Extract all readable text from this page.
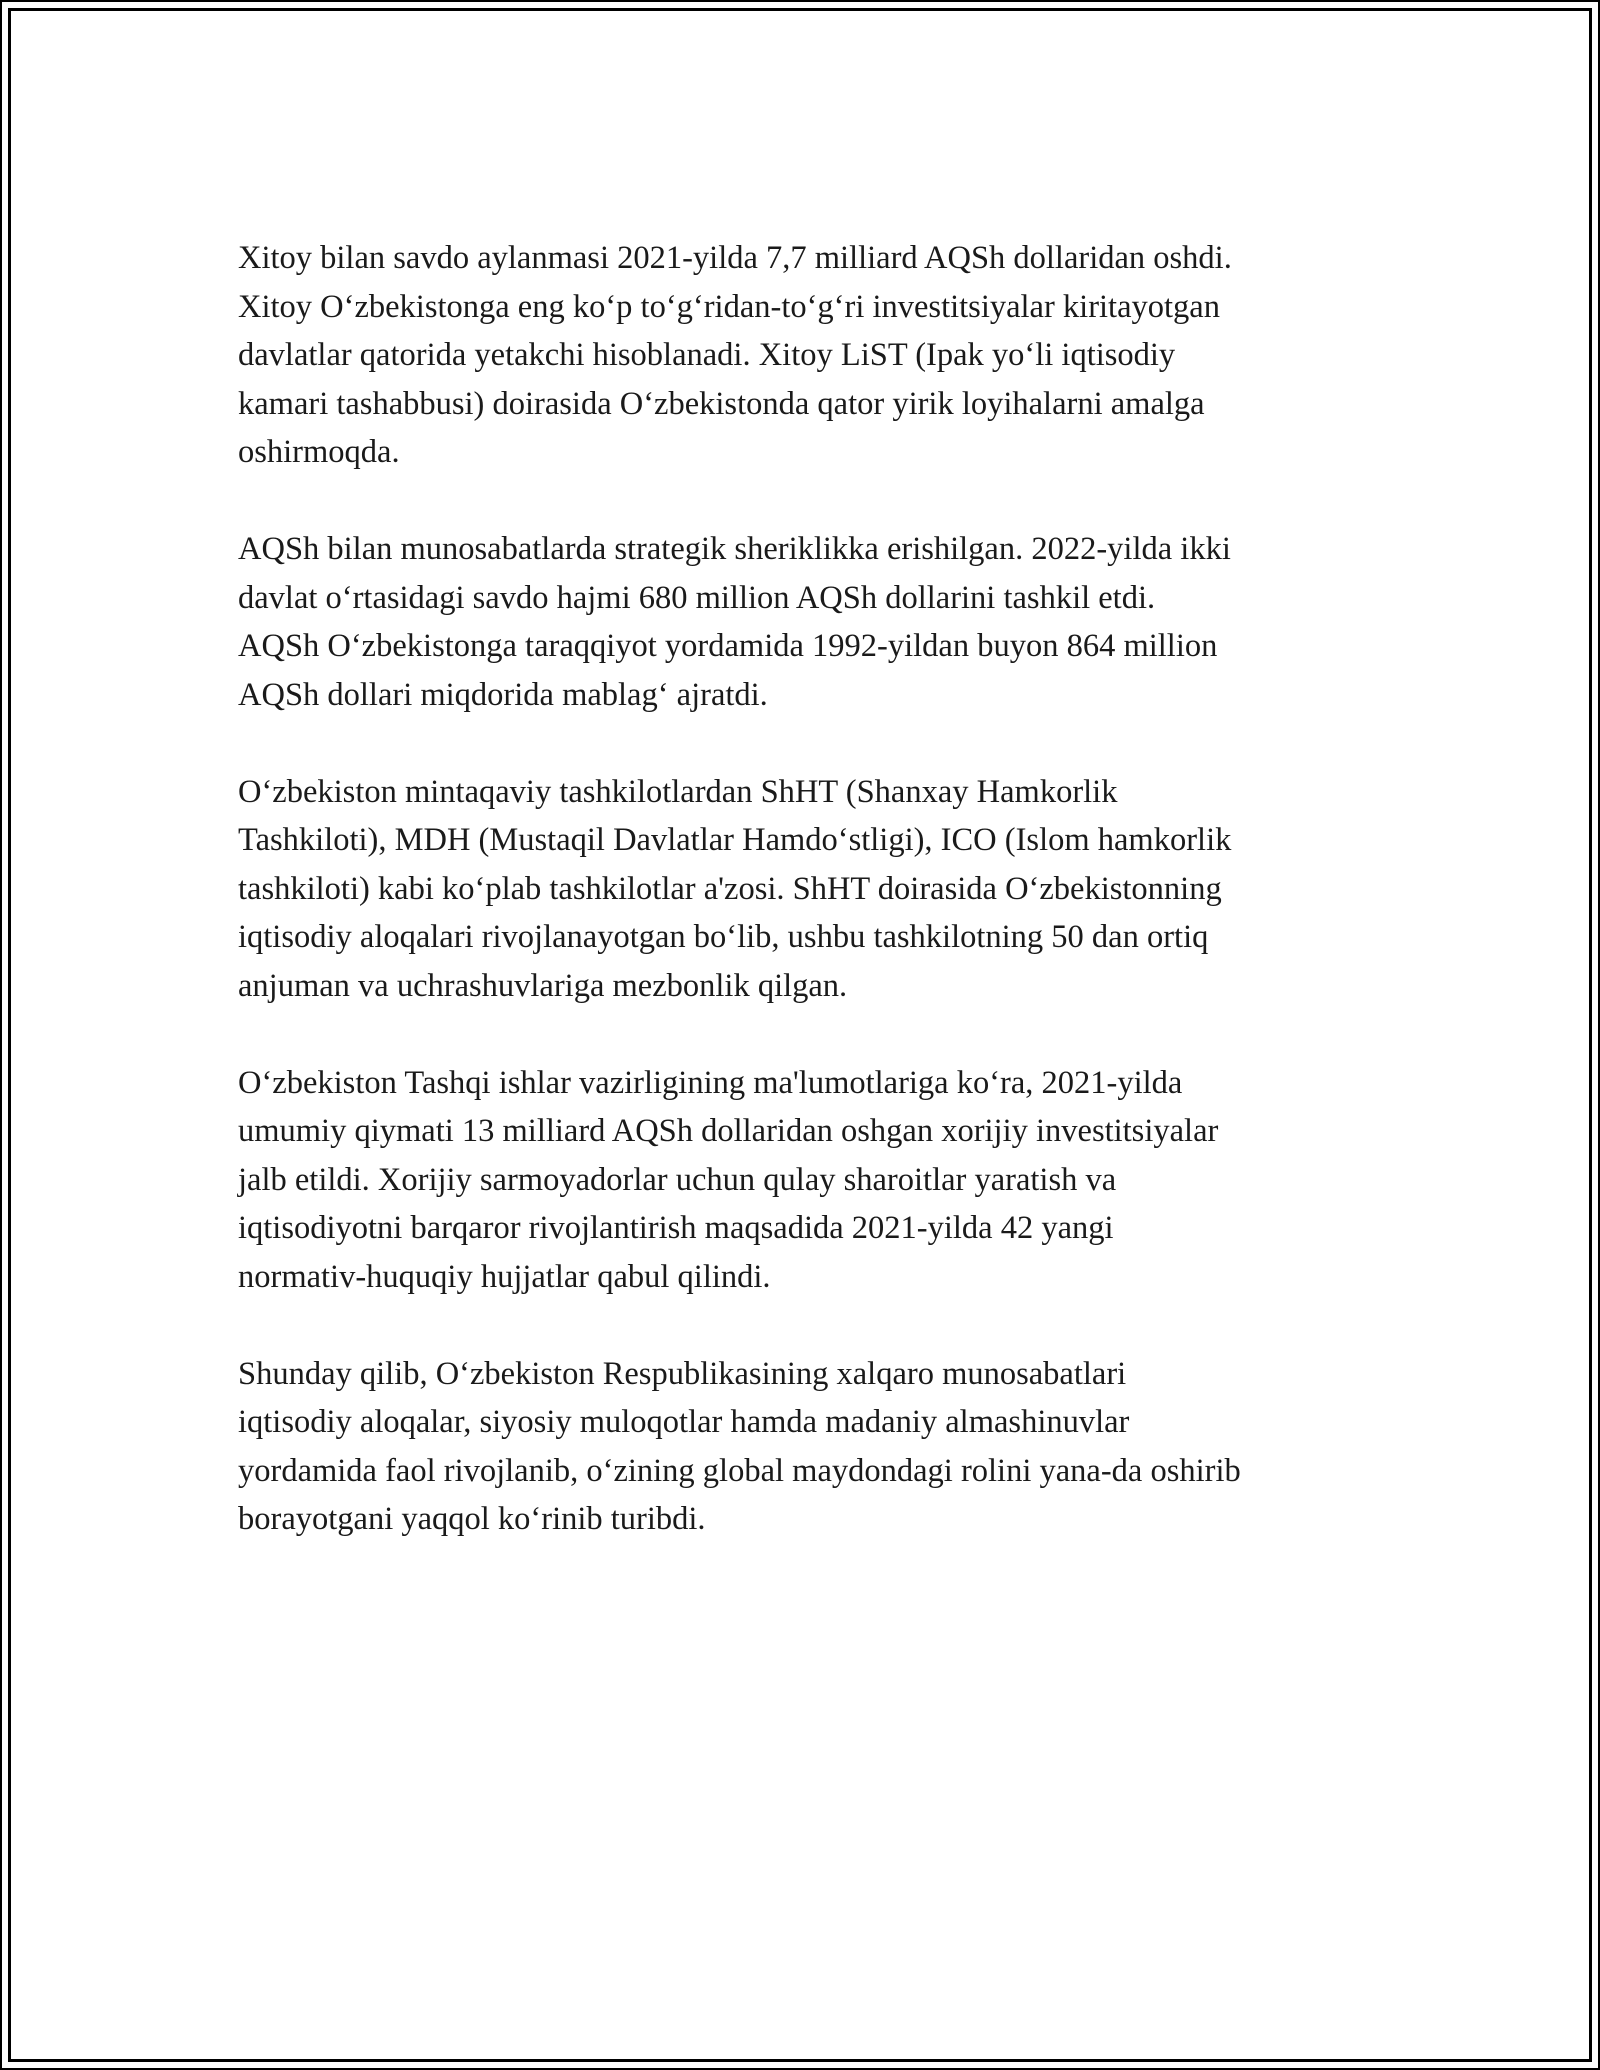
Xitoy bilan savdo aylanmasi 2021-yilda 7,7 milliard AQSh dollaridan oshdi.
Xitoy O‘zbekistonga eng ko‘p to‘g‘ridan-to‘g‘ri investitsiyalar kiritayotgan
davlatlar qatorida yetakchi hisoblanadi. Xitoy LiST (Ipak yo‘li iqtisodiy
kamari tashabbusi) doirasida O‘zbekistonda qator yirik loyihalarni amalga
oshirmoqda.

AQSh bilan munosabatlarda strategik sheriklikka erishilgan. 2022-yilda ikki
davlat o‘rtasidagi savdo hajmi 680 million AQSh dollarini tashkil etdi.
AQSh O‘zbekistonga taraqqiyot yordamida 1992-yildan buyon 864 million
AQSh dollari miqdorida mablag‘ ajratdi.

O‘zbekiston mintaqaviy tashkilotlardan ShHT (Shanxay Hamkorlik
Tashkiloti), MDH (Mustaqil Davlatlar Hamdo‘stligi), ICO (Islom hamkorlik
tashkiloti) kabi ko‘plab tashkilotlar a'zosi. ShHT doirasida O‘zbekistonning
iqtisodiy aloqalari rivojlanayotgan bo‘lib, ushbu tashkilotning 50 dan ortiq
anjuman va uchrashuvlariga mezbonlik qilgan.

O‘zbekiston Tashqi ishlar vazirligining ma'lumotlariga ko‘ra, 2021-yilda
umumiy qiymati 13 milliard AQSh dollaridan oshgan xorijiy investitsiyalar
jalb etildi. Xorijiy sarmoyadorlar uchun qulay sharoitlar yaratish va
iqtisodiyotni barqaror rivojlantirish maqsadida 2021-yilda 42 yangi
normativ-huquqiy hujjatlar qabul qilindi.

Shunday qilib, O‘zbekiston Respublikasining xalqaro munosabatlari
iqtisodiy aloqalar, siyosiy muloqotlar hamda madaniy almashinuvlar
yordamida faol rivojlanib, o‘zining global maydondagi rolini yana-da oshirib
borayotgani yaqqol ko‘rinib turibdi.
